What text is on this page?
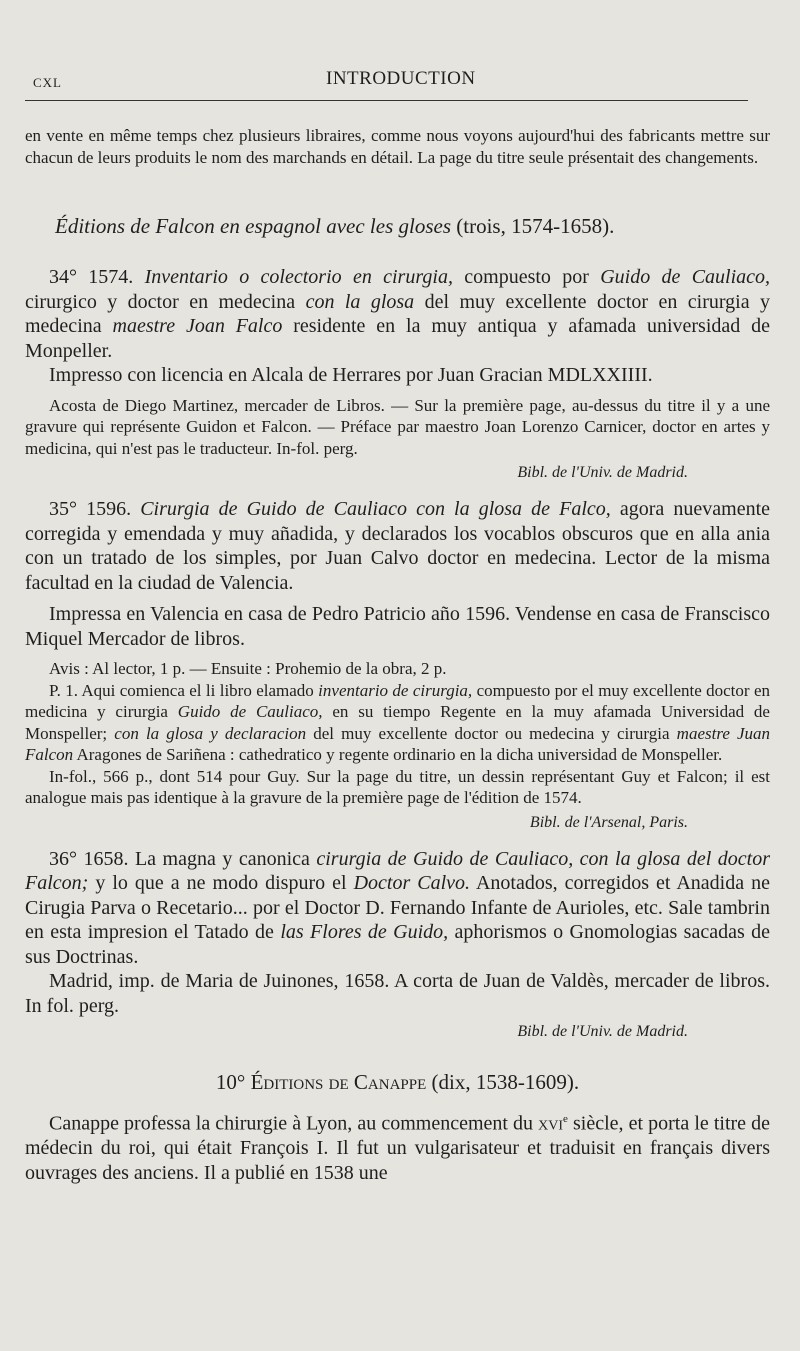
CXL	INTRODUCTION

en vente en même temps chez plusieurs libraires, comme nous voyons aujourd'hui des fabricants mettre sur chacun de leurs produits le nom des marchands en détail. La page du titre seule présentait des changements.

Éditions de Falcon en espagnol avec les gloses (trois, 1574-1658).

34° 1574. Inventario o colectorio en cirurgia, compuesto por Guido de Cauliaco, cirurgico y doctor en medecina con la glosa del muy excellente doctor en cirurgia y medecina maestre Joan Falco residente en la muy antiqua y afamada universidad de Monpeller.

Impresso con licencia en Alcala de Herrares por Juan Gracian MDLXXIIII.

Acosta de Diego Martinez, mercader de Libros. — Sur la première page, au-dessus du titre il y a une gravure qui représente Guidon et Falcon. — Préface par maestro Joan Lorenzo Carnicer, doctor en artes y medicina, qui n'est pas le traducteur. In-fol. perg.

Bibl. de l'Univ. de Madrid.

35° 1596. Cirurgia de Guido de Cauliaco con la glosa de Falco, agora nuevamente corregida y emendada y muy añadida, y declarados los vocablos obscuros que en alla ania con un tratado de los simples, por Juan Calvo doctor en medecina. Lector de la misma facultad en la ciudad de Valencia.

Impressa en Valencia en casa de Pedro Patricio año 1596. Vendense en casa de Franscisco Miquel Mercador de libros.

Avis : Al lector, 1 p. — Ensuite : Prohemio de la obra, 2 p.

P. 1. Aqui comienca el li libro elamado inventario de cirurgia, compuesto por el muy excellente doctor en medicina y cirurgia Guido de Cauliaco, en su tiempo Regente en la muy afamada Universidad de Monspeller; con la glosa y declaracion del muy excellente doctor ou medecina y cirurgia maestre Juan Falcon Aragones de Sariñena : cathedratico y regente ordinario en la dicha universidad de Monspeller.

In-fol., 566 p., dont 514 pour Guy. Sur la page du titre, un dessin représentant Guy et Falcon; il est analogue mais pas identique à la gravure de la première page de l'édition de 1574.

Bibl. de l'Arsenal, Paris.

36° 1658. La magna y canonica cirurgia de Guido de Cauliaco, con la glosa del doctor Falcon; y lo que a ne modo dispuro el Doctor Calvo. Anotados, corregidos et Anadida ne Cirugia Parva o Recetario... por el Doctor D. Fernando Infante de Aurioles, etc. Sale tambrin en esta impresion el Tatado de las Flores de Guido, aphorismos o Gnomologias sacadas de sus Doctrinas.

Madrid, imp. de Maria de Juinones, 1658. A corta de Juan de Valdès, mercader de libros. In fol. perg.

Bibl. de l'Univ. de Madrid.

10° Éditions de Canappe (dix, 1538-1609).

Canappe professa la chirurgie à Lyon, au commencement du xvi$^e$ siècle, et porta le titre de médecin du roi, qui était François I. Il fut un vulgarisateur et traduisit en français divers ouvrages des anciens. Il a publié en 1538 une
